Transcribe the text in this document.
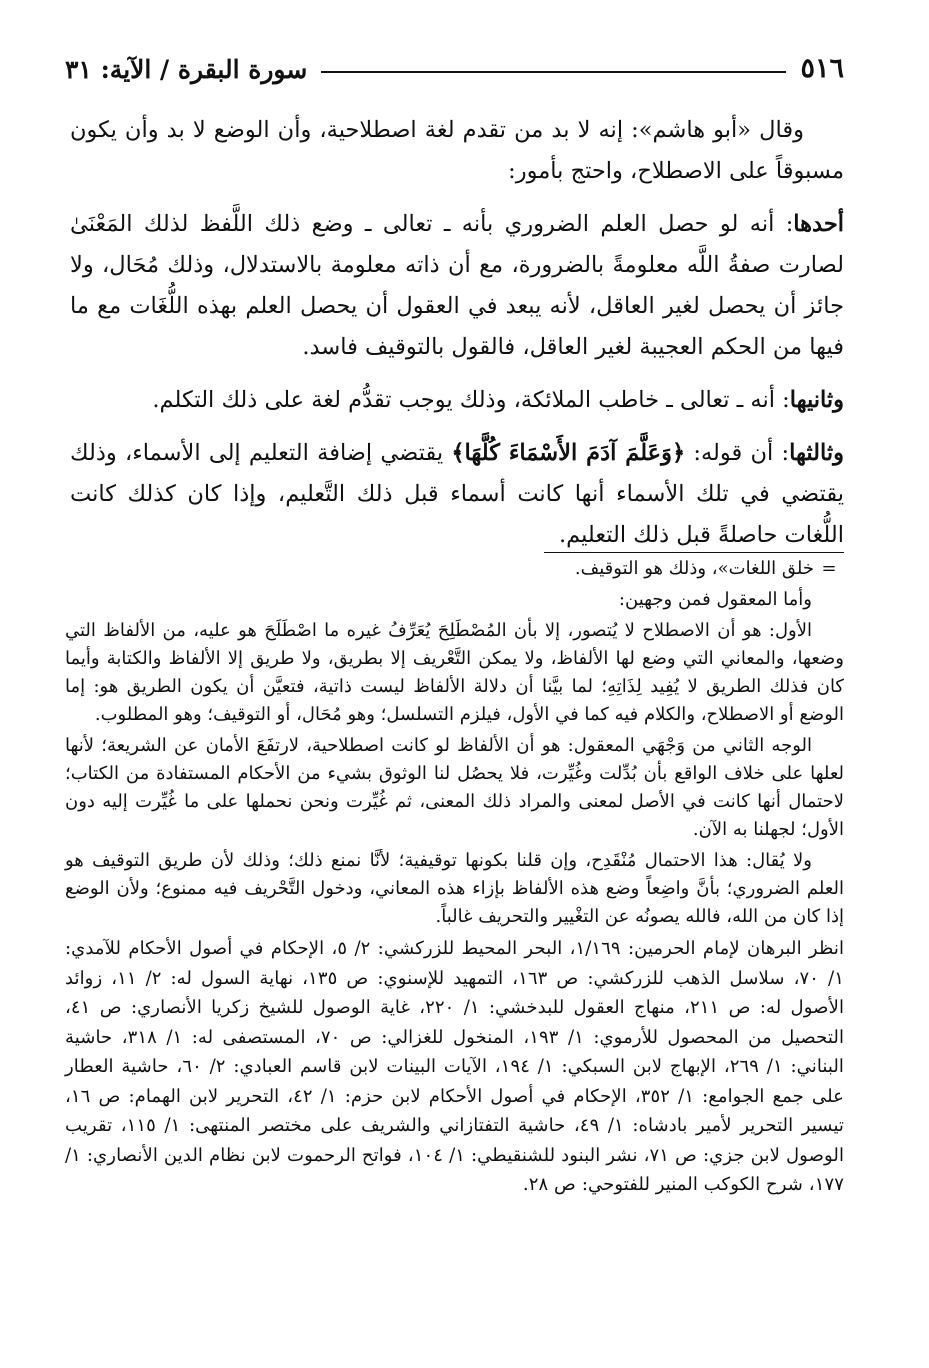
٥١٦
سورة البقرة / الآية: ٣١

وقال «أبو هاشم»: إنه لا بد من تقدم لغة اصطلاحية، وأن الوضع لا بد وأن يكون مسبوقاً على الاصطلاح، واحتج بأمور:

أحدها: أنه لو حصل العلم الضروري بأنه ـ تعالى ـ وضع ذلك اللَّفظ لذلك المَعْنَىٰ لصارت صفةُ اللَّه معلومةً بالضرورة، مع أن ذاته معلومة بالاستدلال، وذلك مُحَال، ولا جائز أن يحصل لغير العاقل، لأنه يبعد في العقول أن يحصل العلم بهذه اللُّغَات مع ما فيها من الحكم العجيبة لغير العاقل، فالقول بالتوقيف فاسد.

وثانيها: أنه ـ تعالى ـ خاطب الملائكة، وذلك يوجب تقدُّم لغة على ذلك التكلم.

وثالثها: أن قوله: ﴿وَعَلَّمَ آدَمَ الأَسْمَاءَ كُلَّهَا﴾ يقتضي إضافة التعليم إلى الأسماء، وذلك يقتضي في تلك الأسماء أنها كانت أسماء قبل ذلك التَّعليم، وإذا كان كذلك كانت اللُّغات حاصلةً قبل ذلك التعليم.

=خلق اللغات»، وذلك هو التوقيف.

وأما المعقول فمن وجهين:

الأول: هو أن الاصطلاح لا يُتصور، إلا بأن المُصْطَلِحَ يُعَرِّفُ غيره ما اصْطَلَحَ هو عليه، من الألفاظ التي وضعها، والمعاني التي وضع لها الألفاظ، ولا يمكن التَّعْريف إلا بطريق، ولا طريق إلا الألفاظ والكتابة وأيما كان فذلك الطريق لا يُفِيد لِذَاتِهِ؛ لما بيَّنا أن دلالة الألفاظ ليست ذاتية، فتعيَّن أن يكون الطريق هو: إما الوضع أو الاصطلاح، والكلام فيه كما في الأول، فيلزم التسلسل؛ وهو مُحَال، أو التوقيف؛ وهو المطلوب.

الوجه الثاني من وَجْهَي المعقول: هو أن الألفاظ لو كانت اصطلاحية، لارتفَعَ الأمان عن الشريعة؛ لأنها لعلها على خلاف الواقع بأن بُدِّلت وغُيِّرت، فلا يحصُل لنا الوثوق بشيء من الأحكام المستفادة من الكتاب؛ لاحتمال أنها كانت في الأصل لمعنى والمراد ذلك المعنى، ثم غُيِّرت ونحن نحملها على ما غُيِّرت إليه دون الأول؛ لجهلنا به الآن.

ولا يُقال: هذا الاحتمال مُنْقَدِح، وإن قلنا بكونها توقيفية؛ لأنَّا نمنع ذلك؛ وذلك لأن طريق التوقيف هو العلم الضروري؛ بأنَّ واضِعاً وضع هذه الألفاظ بإزاء هذه المعاني، ودخول التَّحْريف فيه ممنوع؛ ولأن الوضع إذا كان من الله، فالله يصونُه عن التغْيير والتحريف غالباً.

انظر البرهان لإمام الحرمين: ١/١٦٩، البحر المحيط للزركشي: ٢/ ٥، الإحكام في أصول الأحكام للآمدي: ١/ ٧٠، سلاسل الذهب للزركشي: ص ١٦٣، التمهيد للإسنوي: ص ١٣٥، نهاية السول له: ٢/ ١١، زوائد الأصول له: ص ٢١١، منهاج العقول للبدخشي: ١/ ٢٢٠، غاية الوصول للشيخ زكريا الأنصاري: ص ٤١، التحصيل من المحصول للأرموي: ١/ ١٩٣، المنخول للغزالي: ص ٧٠، المستصفى له: ١/ ٣١٨، حاشية البناني: ١/ ٢٦٩، الإبهاج لابن السبكي: ١/ ١٩٤، الآيات البينات لابن قاسم العبادي: ٢/ ٦٠، حاشية العطار على جمع الجوامع: ١/ ٣٥٢، الإحكام في أصول الأحكام لابن حزم: ١/ ٤٢، التحرير لابن الهمام: ص ١٦، تيسير التحرير لأمير بادشاه: ١/ ٤٩، حاشية التفتازاني والشريف على مختصر المنتهى: ١/ ١١٥، تقريب الوصول لابن جزي: ص ٧١، نشر البنود للشنقيطي: ١/ ١٠٤، فواتح الرحموت لابن نظام الدين الأنصاري: ١/ ١٧٧، شرح الكوكب المنير للفتوحي: ص ٢٨.
